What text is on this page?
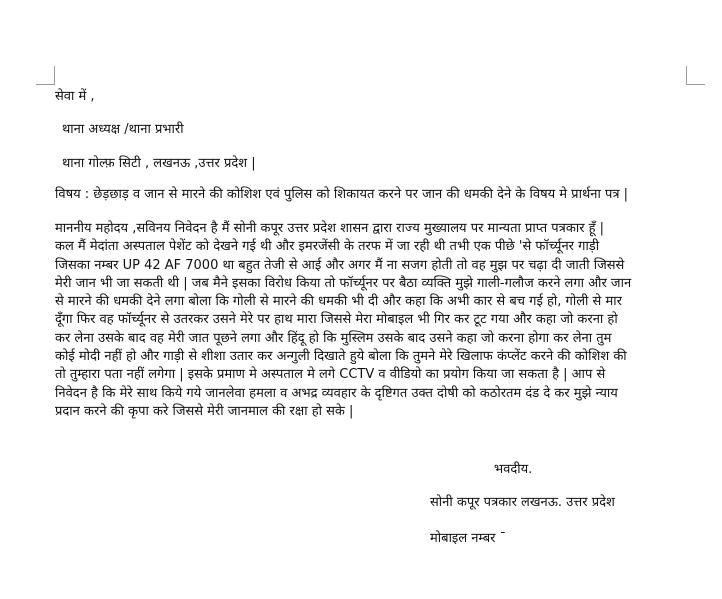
सेवा में ,
थाना अध्यक्ष /थाना प्रभारी
थाना गोल्फ़ सिटी , लखनऊ ,उत्तर प्रदेश |
विषय : छेड़छाड़ व जान से मारने की कोशिश एवं पुलिस को शिकायत करने पर जान की धमकी देने के विषय मे प्रार्थना पत्र |
माननीय महोदय ,सविनय निवेदन है मैं सोनी कपूर उत्तर प्रदेश शासन द्वारा राज्य मुख्यालय पर मान्यता प्राप्त पत्रकार हूँ |
कल मैं मेदांता अस्पताल पेशेंट को देखने गई थी और इमरजेंसी के तरफ में जा रही थी तभी एक पीछे 'से फॉर्च्यूनर गाड़ी
जिसका नम्बर UP 42 AF 7000 था बहुत तेजी से आई और अगर मैं ना सजग होती तो वह मुझ पर चढ़ा दी जाती जिससे
मेरी जान भी जा सकती थी | जब मैने इसका विरोध किया तो फॉर्च्यूनर पर बैठा व्यक्ति मुझे गाली-गलौज करने लगा और जान
से मारने की धमकी देने लगा बोला कि गोली से मारने की धमकी भी दी और कहा कि अभी कार से बच गई हो, गोली से मार
दूँगा फिर वह फॉर्च्यूनर से उतरकर उसने मेरे पर हाथ मारा जिससे मेरा मोबाइल भी गिर कर टूट गया और कहा जो करना हो
कर लेना उसके बाद वह मेरी जात पूछने लगा और हिंदू हो कि मुस्लिम उसके बाद उसने कहा जो करना होगा कर लेना तुम
कोई मोदी नहीं हो और गाड़ी से शीशा उतार कर अन्गुली दिखाते हुये बोला कि तुमने मेरे खिलाफ कंप्लेंट करने की कोशिश की
तो तुम्हारा पता नहीं लगेगा | इसके प्रमाण मे अस्पताल मे लगे CCTV व वीडियो का प्रयोग किया जा सकता है | आप से
निवेदन है कि मेरे साथ किये गये जानलेवा हमला व अभद्र व्यवहार के दृष्टिगत उक्त दोषी को कठोरतम दंड दे कर मुझे न्याय
प्रदान करने की कृपा करे जिससे मेरी जानमाल की रक्षा हो सके |
भवदीय.
सोनी कपूर पत्रकार लखनऊ. उत्तर प्रदेश
मोबाइल नम्बर ˉ
